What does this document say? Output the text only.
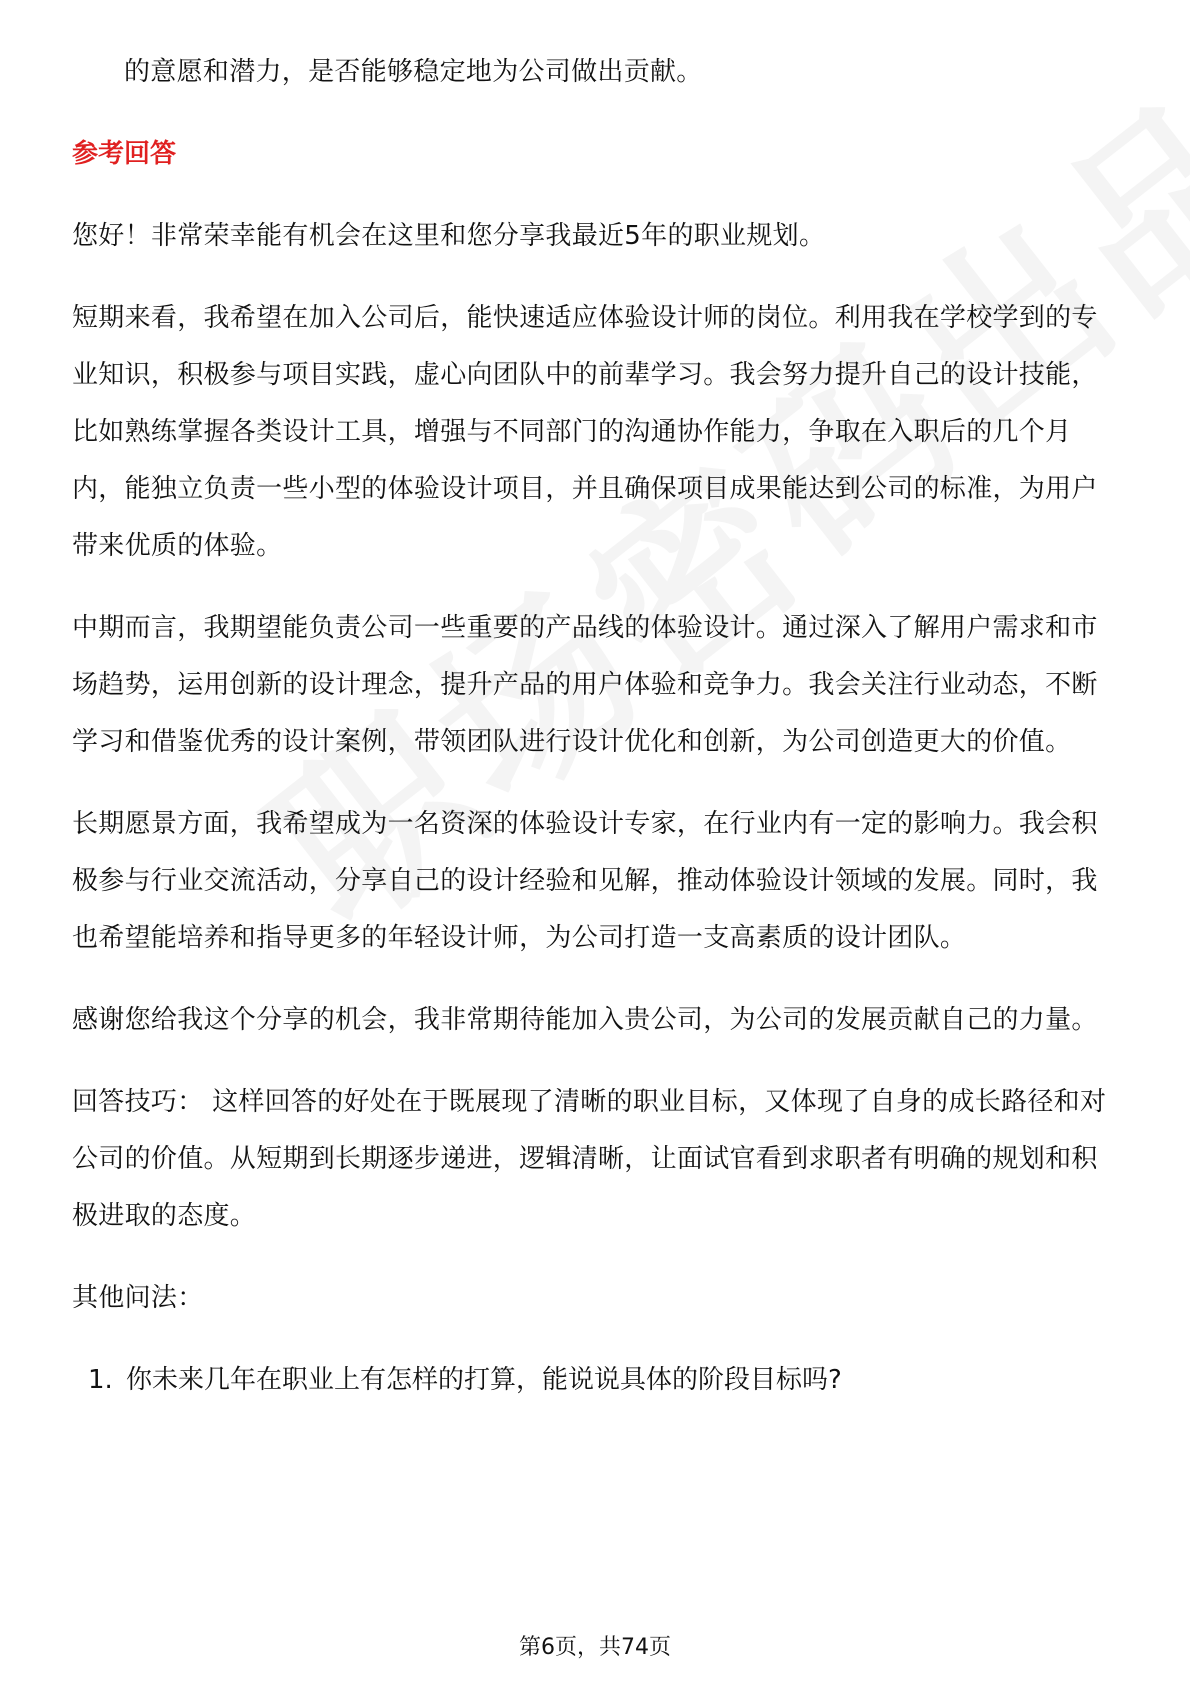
的意愿和潜力，是否能够稳定地为公司做出贡献。

参考回答

您好！非常荣幸能有机会在这里和您分享我最近5年的职业规划。

短期来看，我希望在加入公司后，能快速适应体验设计师的岗位。利用我在学校学到的专业知识，积极参与项目实践，虚心向团队中的前辈学习。我会努力提升自己的设计技能，比如熟练掌握各类设计工具，增强与不同部门的沟通协作能力，争取在入职后的几个月内，能独立负责一些小型的体验设计项目，并且确保项目成果能达到公司的标准，为用户带来优质的体验。

中期而言，我期望能负责公司一些重要的产品线的体验设计。通过深入了解用户需求和市场趋势，运用创新的设计理念，提升产品的用户体验和竞争力。我会关注行业动态，不断学习和借鉴优秀的设计案例，带领团队进行设计优化和创新，为公司创造更大的价值。

长期愿景方面，我希望成为一名资深的体验设计专家，在行业内有一定的影响力。我会积极参与行业交流活动，分享自己的设计经验和见解，推动体验设计领域的发展。同时，我也希望能培养和指导更多的年轻设计师，为公司打造一支高素质的设计团队。

感谢您给我这个分享的机会，我非常期待能加入贵公司，为公司的发展贡献自己的力量。

回答技巧： 这样回答的好处在于既展现了清晰的职业目标，又体现了自身的成长路径和对公司的价值。从短期到长期逐步递进，逻辑清晰，让面试官看到求职者有明确的规划和积极进取的态度。

其他问法：

1. 你未来几年在职业上有怎样的打算，能说说具体的阶段目标吗?
第6页，共74页
